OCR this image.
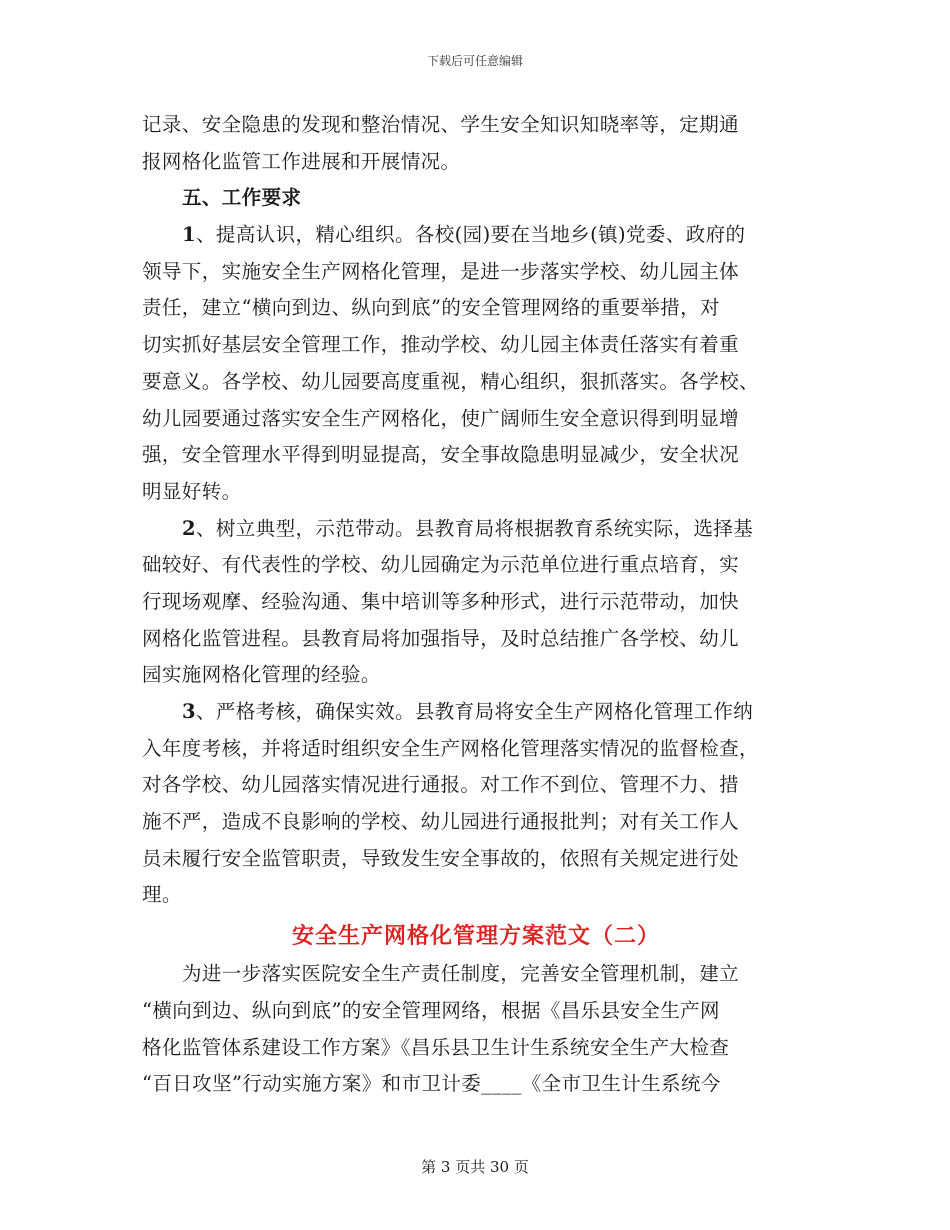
下载后可任意编辑
记录、安全隐患的发现和整治情况、学生安全知识知晓率等，定期通
报网格化监管工作进展和开展情况。
五、工作要求
1、提高认识，精心组织。各校(园)要在当地乡(镇)党委、政府的
领导下，实施安全生产网格化管理，是进一步落实学校、幼儿园主体
责任，建立“横向到边、纵向到底”的安全管理网络的重要举措，对
切实抓好基层安全管理工作，推动学校、幼儿园主体责任落实有着重
要意义。各学校、幼儿园要高度重视，精心组织，狠抓落实。各学校、
幼儿园要通过落实安全生产网格化，使广阔师生安全意识得到明显增
强，安全管理水平得到明显提高，安全事故隐患明显减少，安全状况
明显好转。
2、树立典型，示范带动。县教育局将根据教育系统实际，选择基
础较好、有代表性的学校、幼儿园确定为示范单位进行重点培育，实
行现场观摩、经验沟通、集中培训等多种形式，进行示范带动，加快
网格化监管进程。县教育局将加强指导，及时总结推广各学校、幼儿
园实施网格化管理的经验。
3、严格考核，确保实效。县教育局将安全生产网格化管理工作纳
入年度考核，并将适时组织安全生产网格化管理落实情况的监督检查，
对各学校、幼儿园落实情况进行通报。对工作不到位、管理不力、措
施不严，造成不良影响的学校、幼儿园进行通报批判；对有关工作人
员未履行安全监管职责，导致发生安全事故的，依照有关规定进行处
理。
安全生产网格化管理方案范文（二）
为进一步落实医院安全生产责任制度，完善安全管理机制，建立
“横向到边、纵向到底”的安全管理网络，根据《昌乐县安全生产网
格化监管体系建设工作方案》《昌乐县卫生计生系统安全生产大检查
“百日攻坚”行动实施方案》和市卫计委____《全市卫生计生系统今
第 3 页共 30 页
